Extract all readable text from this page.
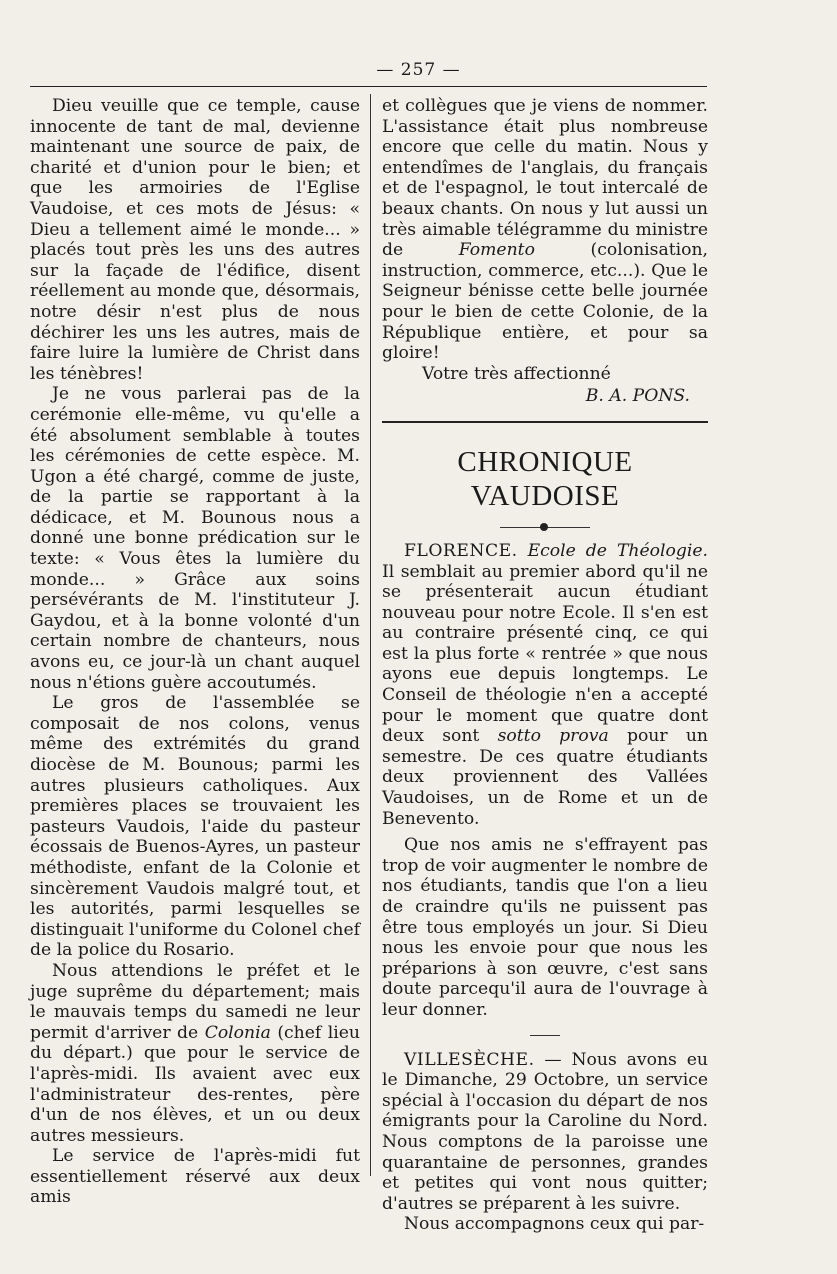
— 257 —

Dieu veuille que ce temple, cause innocente de tant de mal, devienne maintenant une source de paix, de charité et d'union pour le bien; et que les armoiries de l'Eglise Vaudoise, et ces mots de Jésus: « Dieu a tellement aimé le monde... » placés tout près les uns des autres sur la façade de l'édifice, disent réellement au monde que, désormais, notre désir n'est plus de nous déchirer les uns les autres, mais de faire luire la lumière de Christ dans les ténèbres!

Je ne vous parlerai pas de la cerémonie elle-même, vu qu'elle a été absolument semblable à toutes les cérémonies de cette espèce. M. Ugon a été chargé, comme de juste, de la partie se rapportant à la dédicace, et M. Bounous nous a donné une bonne prédication sur le texte: « Vous êtes la lumière du monde... » Grâce aux soins persévérants de M. l'instituteur J. Gaydou, et à la bonne volonté d'un certain nombre de chanteurs, nous avons eu, ce jour-là un chant auquel nous n'étions guère accoutumés.

Le gros de l'assemblée se composait de nos colons, venus même des extrémités du grand diocèse de M. Bounous; parmi les autres plusieurs catholiques. Aux premières places se trouvaient les pasteurs Vaudois, l'aide du pasteur écossais de Buenos-Ayres, un pasteur méthodiste, enfant de la Colonie et sincèrement Vaudois malgré tout, et les autorités, parmi lesquelles se distinguait l'uniforme du Colonel chef de la police du Rosario.

Nous attendions le préfet et le juge suprême du département; mais le mauvais temps du samedi ne leur permit d'arriver de Colonia (chef lieu du départ.) que pour le service de l'après-midi. Ils avaient avec eux l'administrateur des-rentes, père d'un de nos élèves, et un ou deux autres messieurs.

Le service de l'après-midi fut essentiellement réservé aux deux amis

et collègues que je viens de nommer. L'assistance était plus nombreuse encore que celle du matin. Nous y entendîmes de l'anglais, du français et de l'espagnol, le tout intercalé de beaux chants. On nous y lut aussi un très aimable télégramme du ministre de Fomento (colonisation, instruction, commerce, etc...). Que le Seigneur bénisse cette belle journée pour le bien de cette Colonie, de la République entière, et pour sa gloire!

Votre très affectionné

B. A. PONS.

CHRONIQUE VAUDOISE

FLORENCE. Ecole de Théologie. Il semblait au premier abord qu'il ne se présenterait aucun étudiant nouveau pour notre Ecole. Il s'en est au contraire présenté cinq, ce qui est la plus forte « rentrée » que nous ayons eue depuis longtemps. Le Conseil de théologie n'en a accepté pour le moment que quatre dont deux sont sotto prova pour un semestre. De ces quatre étudiants deux proviennent des Vallées Vaudoises, un de Rome et un de Benevento.

Que nos amis ne s'effrayent pas trop de voir augmenter le nombre de nos étudiants, tandis que l'on a lieu de craindre qu'ils ne puissent pas être tous employés un jour. Si Dieu nous les envoie pour que nous les préparions à son œuvre, c'est sans doute parcequ'il aura de l'ouvrage à leur donner.

VILLESÈCHE. — Nous avons eu le Dimanche, 29 Octobre, un service spécial à l'occasion du départ de nos émigrants pour la Caroline du Nord. Nous comptons de la paroisse une quarantaine de personnes, grandes et petites qui vont nous quitter; d'autres se préparent à les suivre.

Nous accompagnons ceux qui par-
